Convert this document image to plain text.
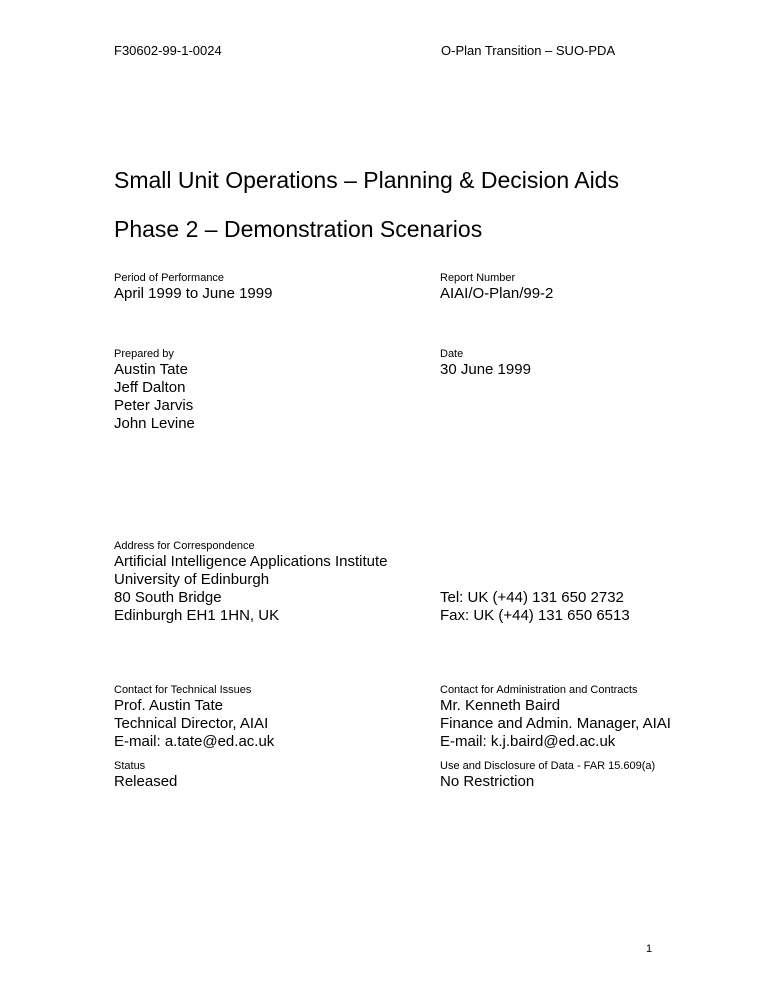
F30602-99-1-0024	O-Plan Transition – SUO-PDA
Small Unit Operations – Planning & Decision Aids
Phase 2 – Demonstration Scenarios
Period of Performance
April 1999 to June 1999
Report Number
AIAI/O-Plan/99-2
Prepared by
Austin Tate
Jeff Dalton
Peter Jarvis
John Levine
Date
30 June 1999
Address for Correspondence
Artificial Intelligence Applications Institute
University of Edinburgh
80 South Bridge
Edinburgh EH1 1HN, UK
Tel: UK (+44) 131 650 2732
Fax: UK (+44) 131 650 6513
Contact for Technical Issues
Prof. Austin Tate
Technical Director, AIAI
E-mail: a.tate@ed.ac.uk
Contact for Administration and Contracts
Mr. Kenneth Baird
Finance and Admin. Manager, AIAI
E-mail: k.j.baird@ed.ac.uk
Status
Released
Use and Disclosure of Data - FAR 15.609(a)
No Restriction
1
